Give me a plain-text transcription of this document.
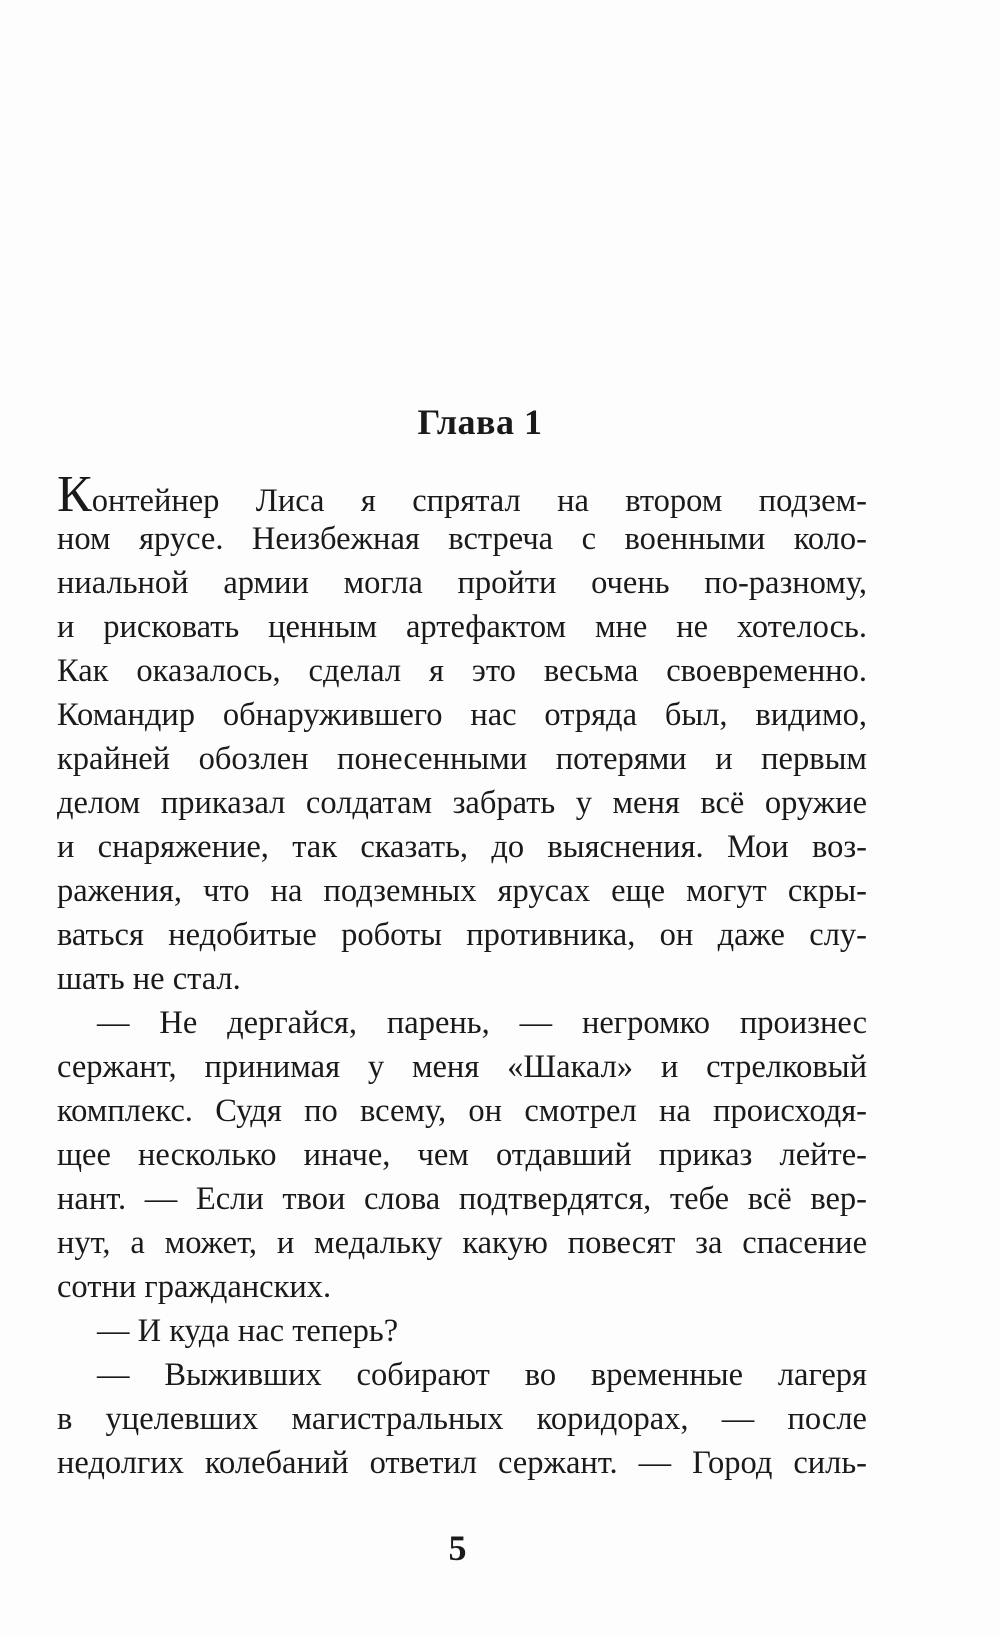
Глава 1
Контейнер Лиса я спрятал на втором подзем-
ном ярусе. Неизбежная встреча с военными коло-
ниальной армии могла пройти очень по-разному,
и рисковать ценным артефактом мне не хотелось.
Как оказалось, сделал я это весьма своевременно.
Командир обнаружившего нас отряда был, видимо,
крайней обозлен понесенными потерями и первым
делом приказал солдатам забрать у меня всё оружие
и снаряжение, так сказать, до выяснения. Мои воз-
ражения, что на подземных ярусах еще могут скры-
ваться недобитые роботы противника, он даже слу-
шать не стал.
— Не дергайся, парень, — негромко произнес
сержант, принимая у меня «Шакал» и стрелковый
комплекс. Судя по всему, он смотрел на происходя-
щее несколько иначе, чем отдавший приказ лейте-
нант. — Если твои слова подтвердятся, тебе всё вер-
нут, а может, и медальку какую повесят за спасение
сотни гражданских.
— И куда нас теперь?
— Выживших собирают во временные лагеря
в уцелевших магистральных коридорах, — после
недолгих колебаний ответил сержант. — Город силь-
5
